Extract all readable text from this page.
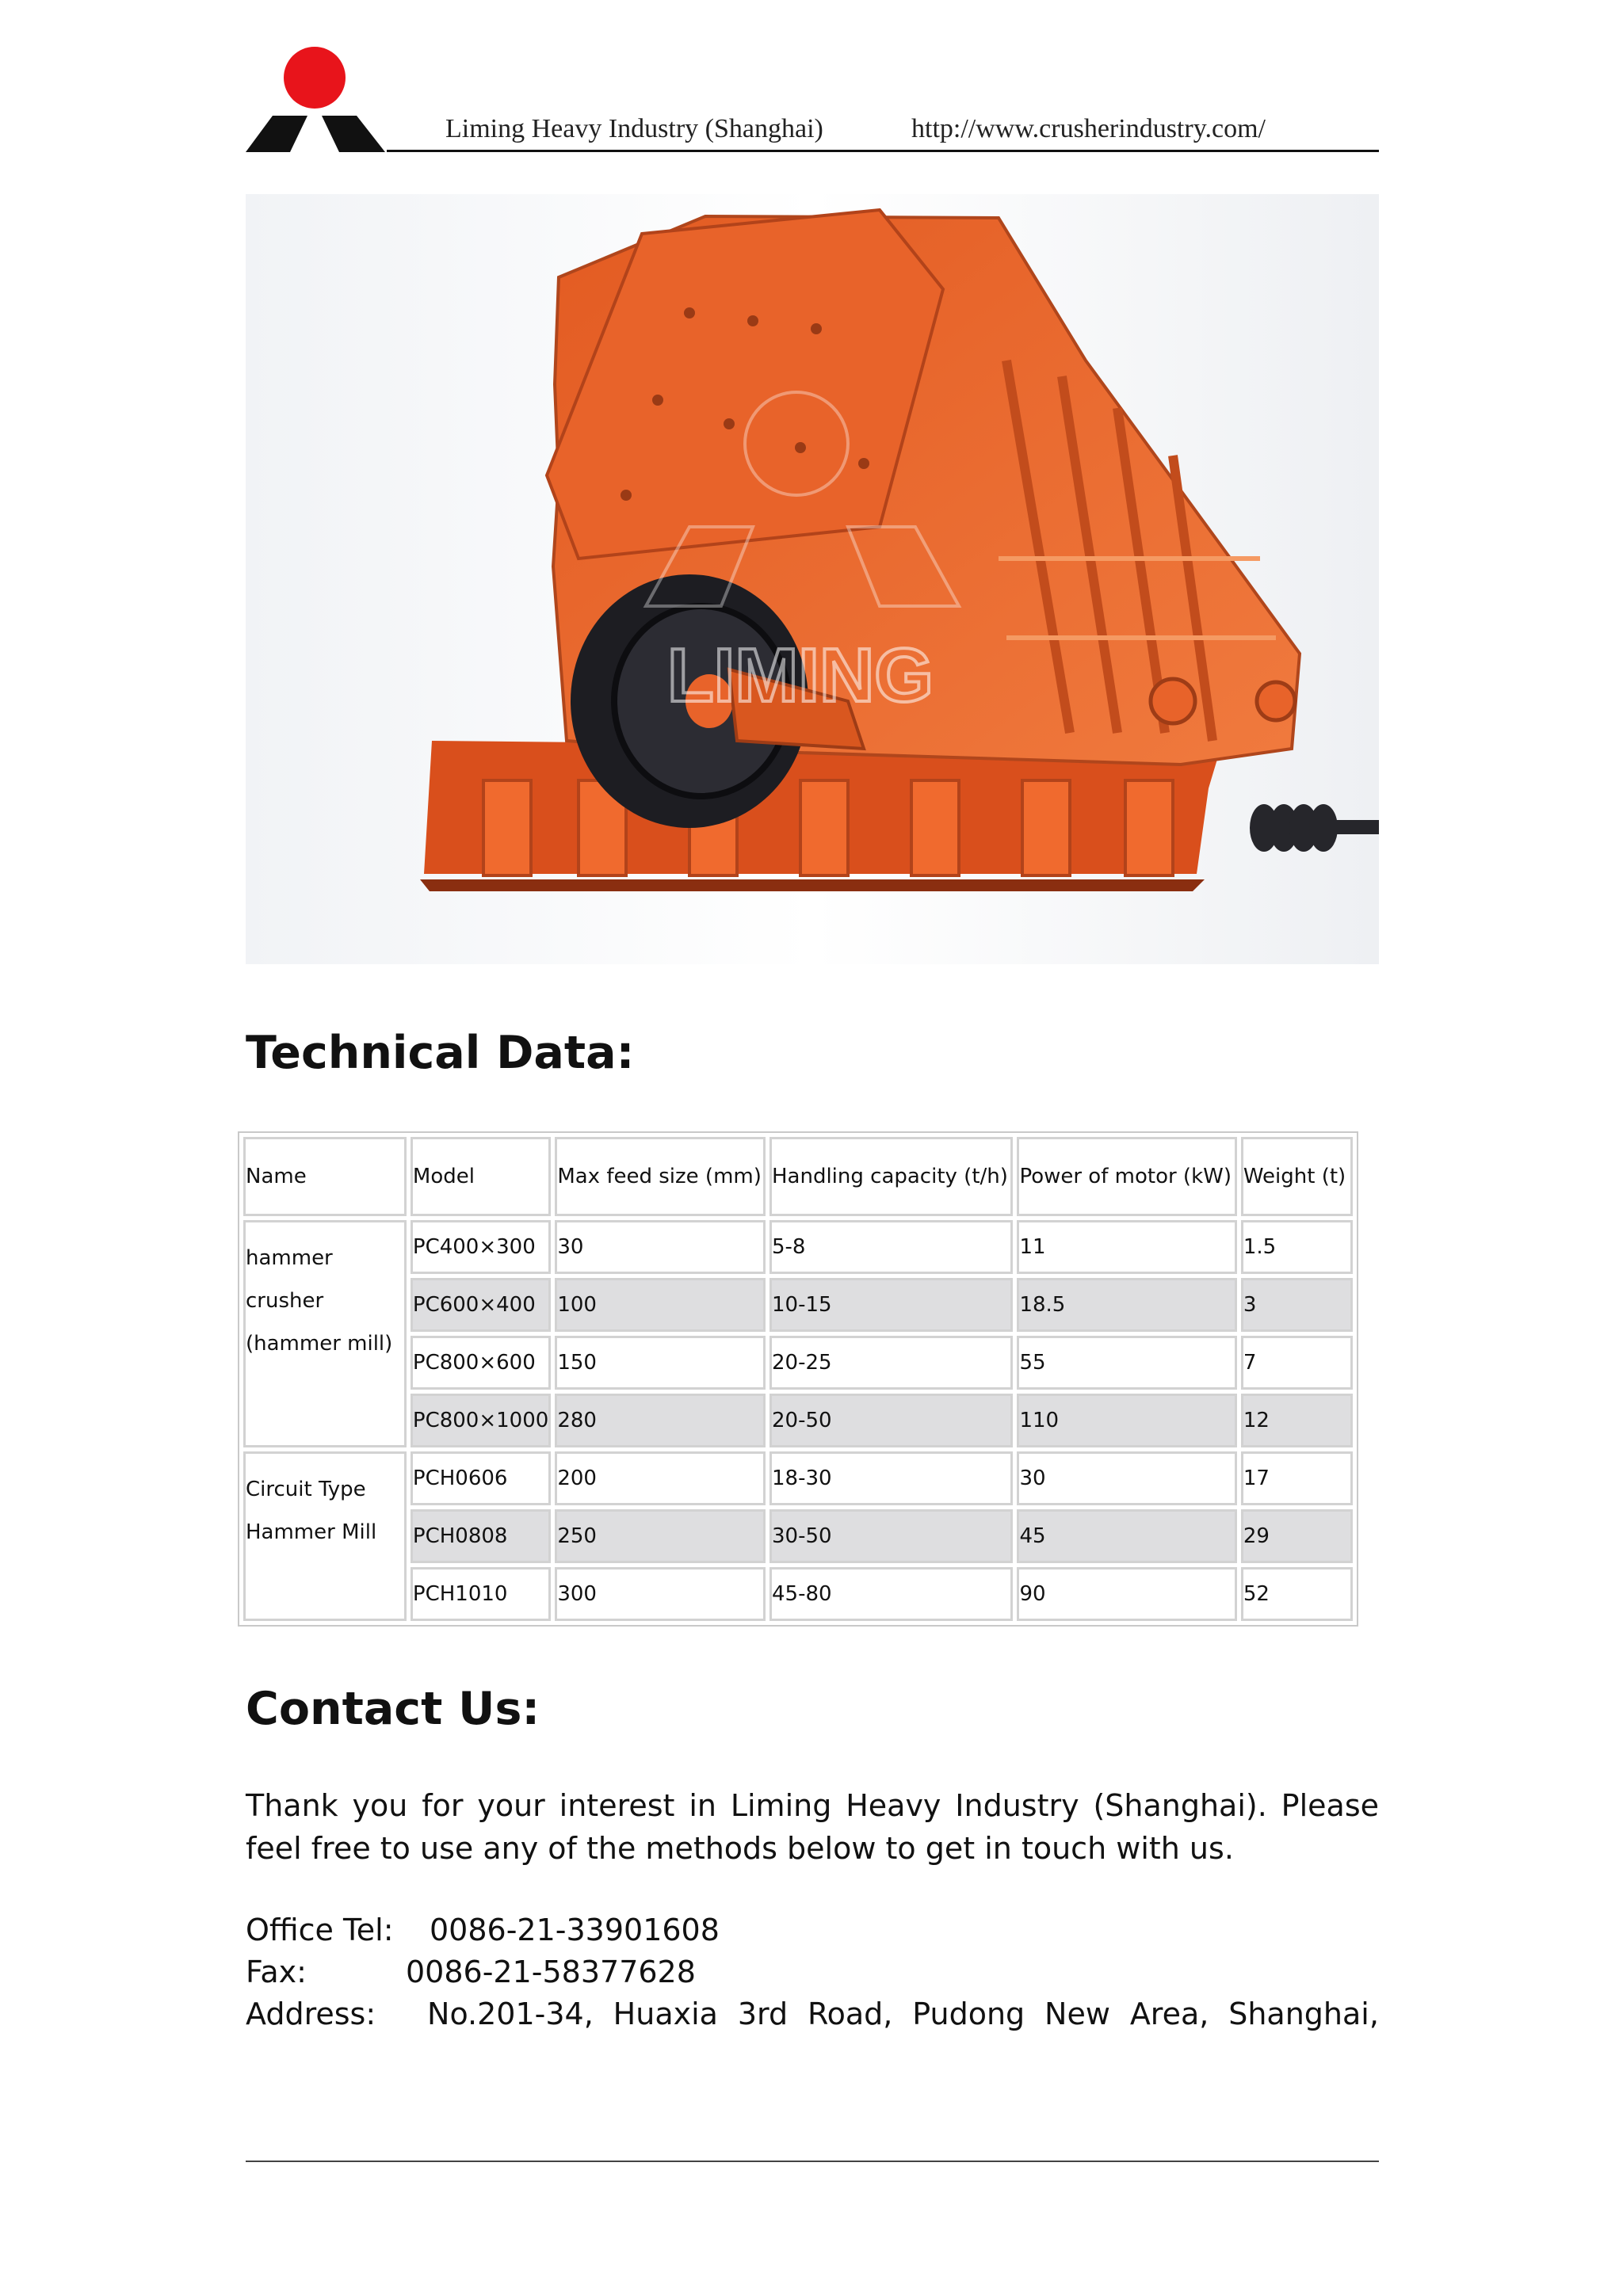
Liming Heavy Industry (Shanghai)	http://www.crusherindustry.com/
LIMING
Technical Data:
Name	Model	Max feed size (mm)	Handling capacity (t/h)	Power of motor (kW)	Weight (t)
hammer crusher
(hammer mill)	PC400×300	30	5-8	11	1.5
	PC600×400	100	10-15	18.5	3
	PC800×600	150	20-25	55	7
	PC800×1000	280	20-50	110	12
Circuit Type
Hammer Mill	PCH0606	200	18-30	30	17
	PCH0808	250	30-50	45	29
	PCH1010	300	45-80	90	52
Contact Us:

Thank you for your interest in Liming Heavy Industry (Shanghai). Please feel free to use any of the methods below to get in touch with us.

Office Tel: 0086-21-33901608
Fax:	0086-21-58377628
Address: No.201-34, Huaxia 3rd Road, Pudong New Area, Shanghai,
